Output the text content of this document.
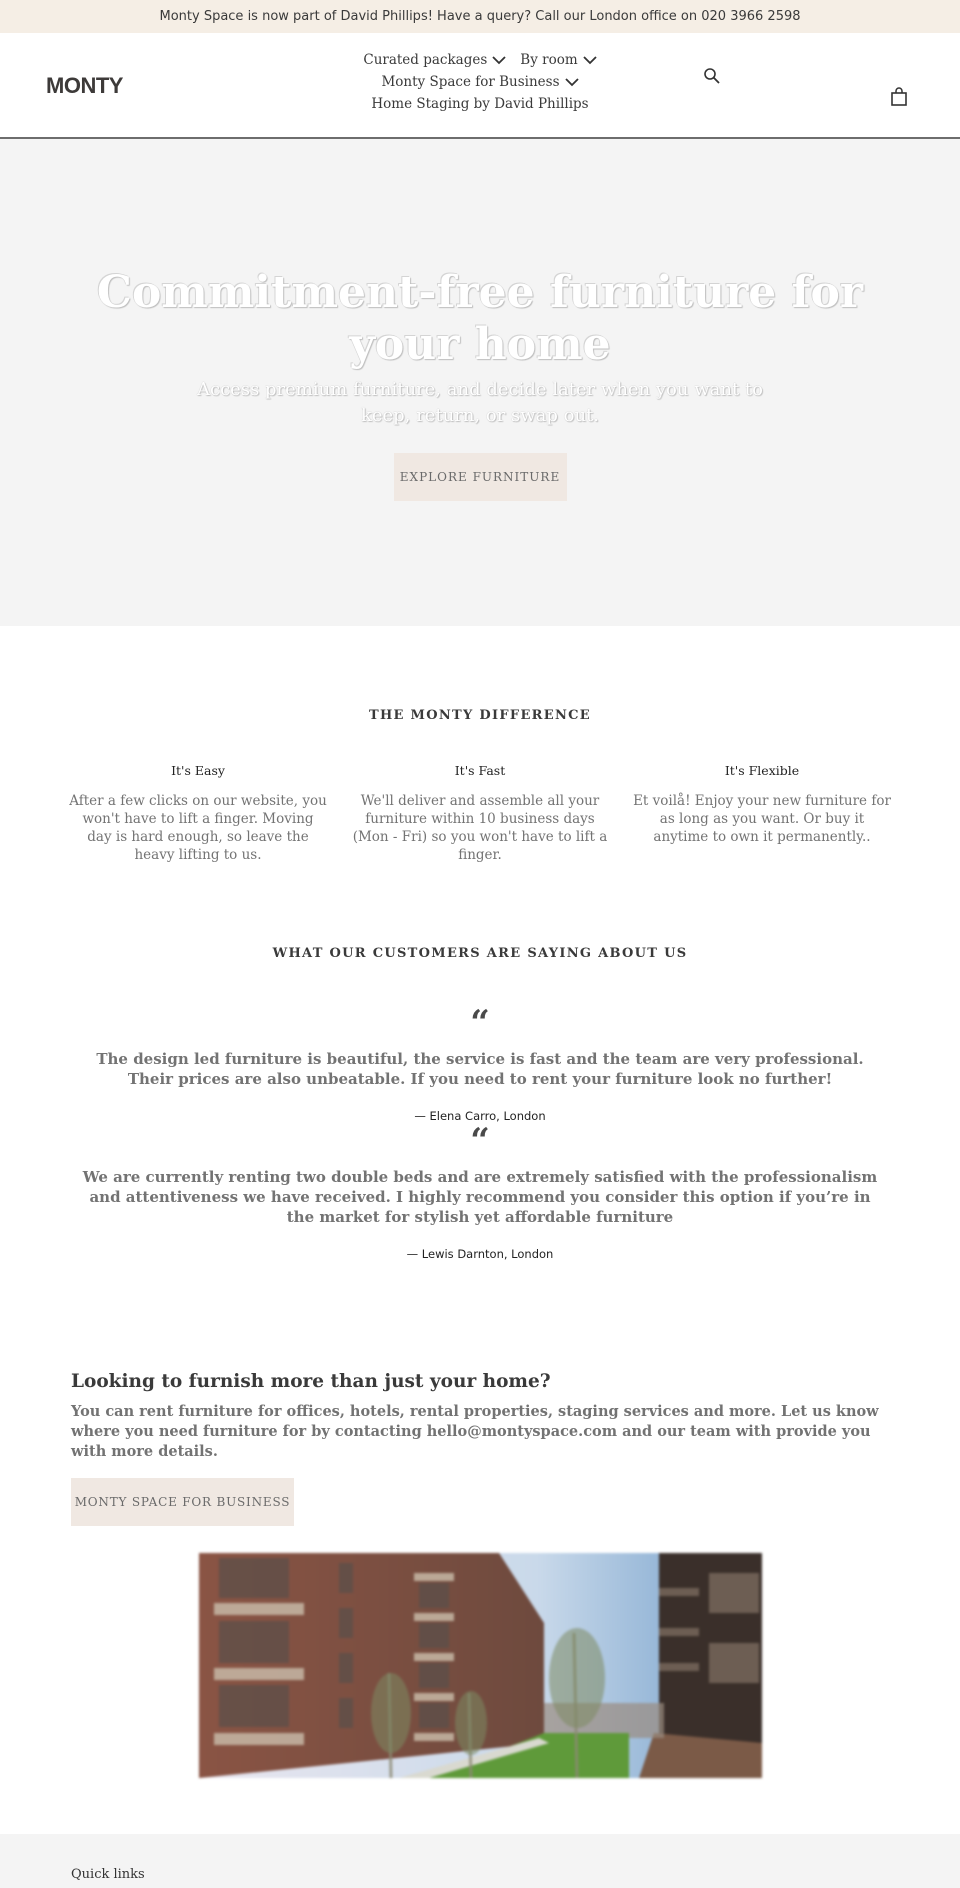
Monty Space is now part of David Phillips! Have a query? Call our London office on 020 3966 2598
MONTY
Curated packages By room
Monty Space for Business
Home Staging by David Phillips
Commitment-free furniture for your home

Access premium furniture, and decide later when you want to keep, return, or swap out.

EXPLORE FURNITURE
THE MONTY DIFFERENCE
It's Easy

After a few clicks on our website, you won't have to lift a finger. Moving day is hard enough, so leave the heavy lifting to us.

It's Fast

We'll deliver and assemble all your furniture within 10 business days (Mon - Fri) so you won't have to lift a finger.

It's Flexible

Et voilå! Enjoy your new furniture for as long as you want. Or buy it anytime to own it permanently..

WHAT OUR CUSTOMERS ARE SAYING ABOUT US
“

The design led furniture is beautiful, the service is fast and the team are very professional. Their prices are also unbeatable. If you need to rent your furniture look no further!

— Elena Carro, London
“

We are currently renting two double beds and are extremely satisfied with the professionalism and attentiveness we have received. I highly recommend you consider this option if you’re in the market for stylish yet affordable furniture

— Lewis Darnton, London
Looking to furnish more than just your home?

You can rent furniture for offices, hotels, rental properties, staging services and more. Let us know where you need furniture for by contacting hello@montyspace.com and our team with provide you with more details.

MONTY SPACE FOR BUSINESS
Quick links
